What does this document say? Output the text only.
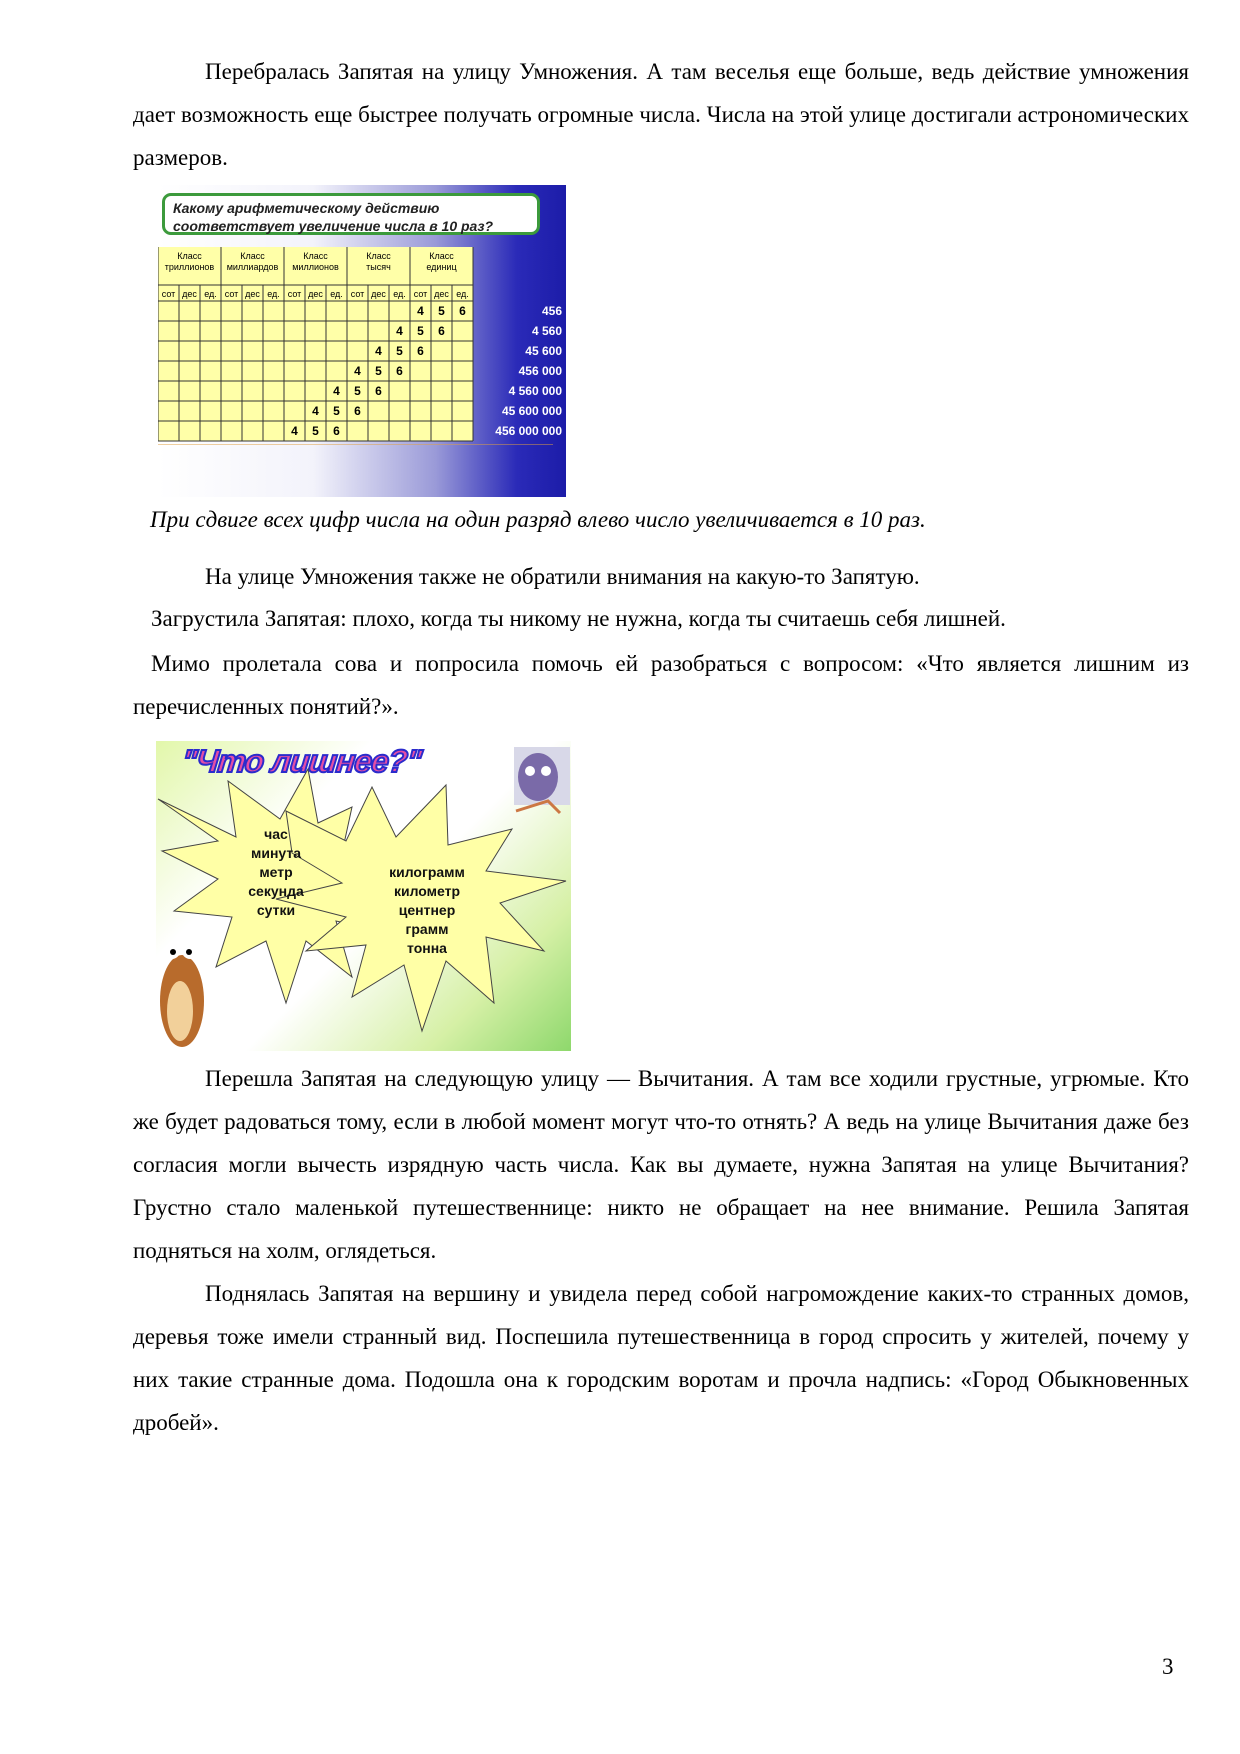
Перебралась Запятая на улицу Умножения. А там веселья еще больше, ведь действие умножения дает возможность еще быстрее получать огромные числа. Числа на этой улице достигали астрономических размеров.

Какому арифметическому действию соответствует увеличение числа в 10 раз?
Класс триллионов
Класс миллиардов
Класс миллионов
Класс тысяч
Класс единиц
сот дес ед. сот дес ед. сот дес ед. сот дес ед. сот дес ед.
4 5 6
4 5 6
4 5 6
4 5 6
4 5 6
4 5 6
4 5 6
456
4 560
45 600
456 000
4 560 000
45 600 000
456 000 000

При сдвиге всех цифр числа на один разряд влево число увеличивается в 10 раз.

На улице Умножения также не обратили внимания на какую-то Запятую.

Загрустила Запятая: плохо, когда ты никому не нужна, когда ты считаешь себя лишней.

Мимо пролетала сова и попросила помочь ей разобраться с вопросом: «Что является лишним из перечисленных понятий?».

"Что лишнее?"
час
минута
метр
секунда
сутки
килограмм
километр
центнер
грамм
тонна

Перешла Запятая на следующую улицу — Вычитания. А там все ходили грустные, угрюмые. Кто же будет радоваться тому, если в любой момент могут что-то отнять? А ведь на улице Вычитания даже без согласия могли вычесть изрядную часть числа. Как вы думаете, нужна Запятая на улице Вычитания? Грустно стало маленькой путешественнице: никто не обращает на нее внимание. Решила Запятая подняться на холм, оглядеться.

Поднялась Запятая на вершину и увидела перед собой нагромождение каких-то странных домов, деревья тоже имели странный вид. Поспешила путешественница в город спросить у жителей, почему у них такие странные дома. Подошла она к городским воротам и прочла надпись: «Город Обыкновенных дробей».

3
